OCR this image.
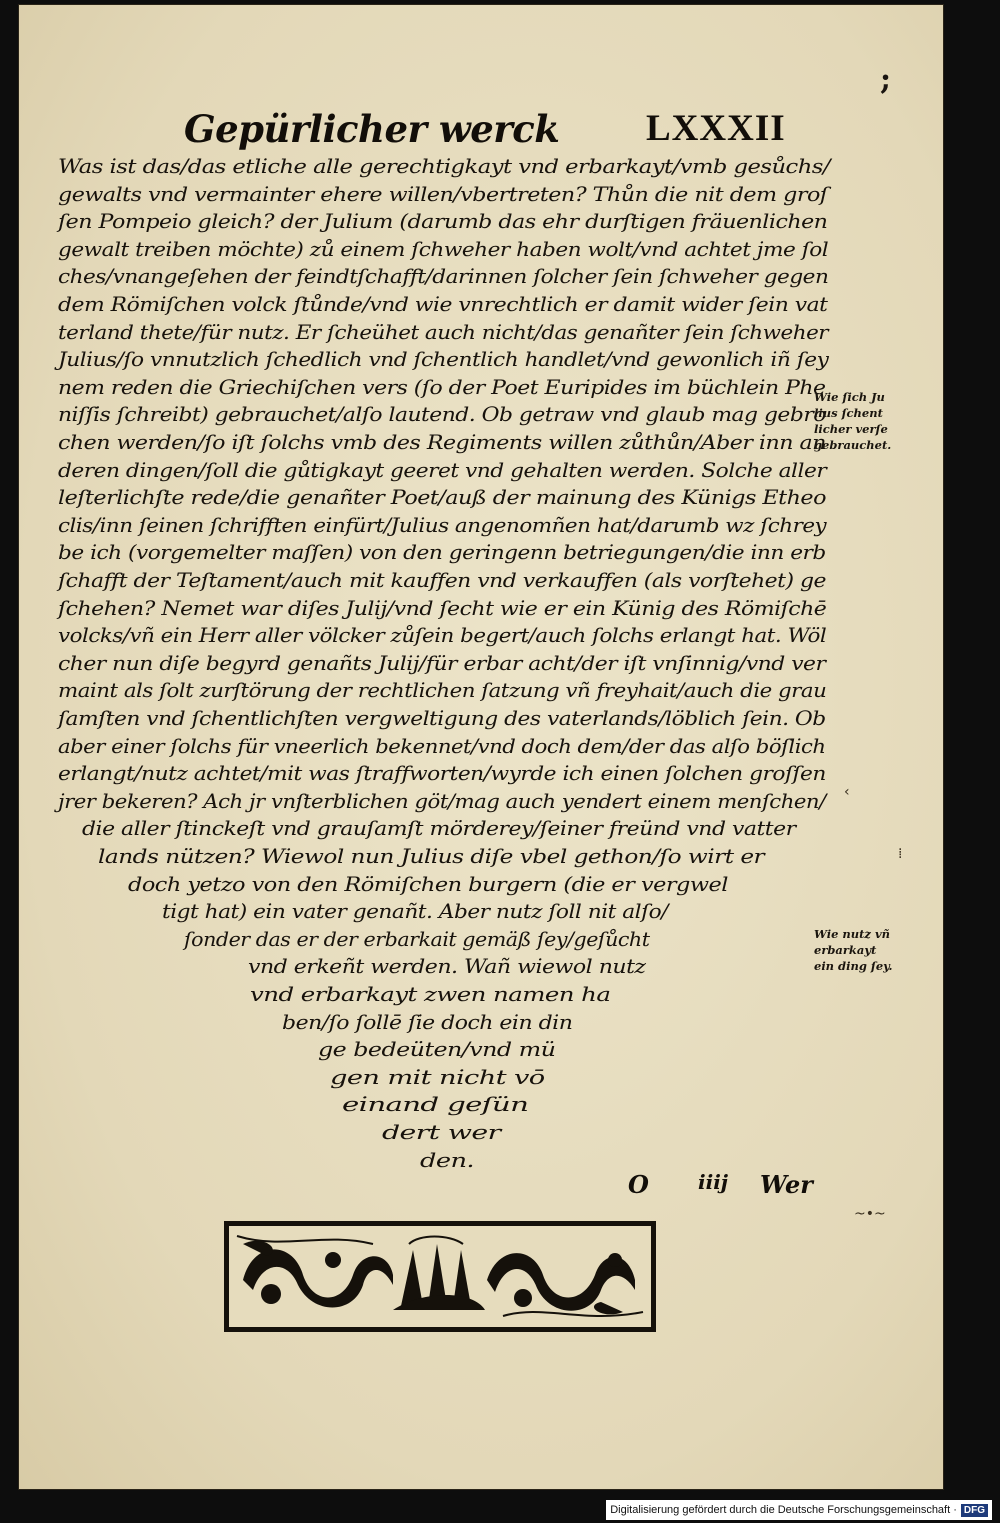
;
Gepürlicher werck LXXXII
Was ist das/das etliche alle gerechtigkayt vnd erbarkayt/vmb gesůchs/
gewalts vnd vermainter ehere willen/vbertreten? Thůn die nit dem groſ
ſen Pompeio gleich? der Julium (darumb das ehr durſtigen fräuenlichen
gewalt treiben möchte) zů einem ſchweher haben wolt/vnd achtet jme ſol
ches/vnangeſehen der feindtſchafft/darinnen ſolcher ſein ſchweher gegen
dem Römiſchen volck ſtůnde/vnd wie vnrechtlich er damit wider ſein vat
terland thete/für nutz. Er ſcheühet auch nicht/das genañter ſein ſchweher
Julius/ſo vnnutzlich ſchedlich vnd ſchentlich handlet/vnd gewonlich iñ ſey
nem reden die Griechiſchen vers (ſo der Poet Euripides im büchlein Phe
niſſis ſchreibt) gebrauchet/alſo lautend. Ob getraw vnd glaub mag gebro
chen werden/ſo iſt ſolchs vmb des Regiments willen zůthůn/Aber inn an
deren dingen/ſoll die gůtigkayt geeret vnd gehalten werden. Solche aller
leſterlichſte rede/die genañter Poet/auß der mainung des Künigs Etheo
clis/inn ſeinen ſchrifften einfürt/Julius angenomñen hat/darumb wz ſchrey
be ich (vorgemelter maſſen) von den geringenn betriegungen/die inn erb
ſchafft der Teſtament/auch mit kauffen vnd verkauffen (als vorſtehet) ge
ſchehen? Nemet war diſes Julij/vnd ſecht wie er ein Künig des Römiſchē
volcks/vñ ein Herr aller völcker zůſein begert/auch ſolchs erlangt hat. Wöl
cher nun diſe begyrd genañts Julij/für erbar acht/der iſt vnſinnig/vnd ver
maint als ſolt zurſtörung der rechtlichen ſatzung vñ freyhait/auch die grau
ſamſten vnd ſchentlichſten vergweltigung des vaterlands/löblich ſein. Ob
aber einer ſolchs für vneerlich bekennet/vnd doch dem/der das alſo böſlich
erlangt/nutz achtet/mit was ſtraffworten/wyrde ich einen ſolchen groſſen
jrer bekeren? Ach jr vnſterblichen göt/mag auch yendert einem menſchen/
die aller ſtinckeſt vnd grauſamſt mörderey/ſeiner freünd vnd vatter
lands nützen? Wiewol nun Julius diſe vbel gethon/ſo wirt er
doch yetzo von den Römiſchen burgern (die er vergwel
tigt hat) ein vater genañt. Aber nutz ſoll nit alſo/
ſonder das er der erbarkait gemäß ſey/geſůcht
vnd erkeñt werden. Wañ wiewol nutz
vnd erbarkayt zwen namen ha
ben/ſo ſollē ſie doch ein din
ge bedeüten/vnd mü
gen mit nicht vō
einand geſün
dert wer
den.
Wie ſich Ju
lius ſchent
licher verſe
gebrauchet.
Wie nutz vñ
erbarkayt
ein ding ſey.
‹
⁞
O iiij Wer
~•~
Digitalisierung gefördert durch die Deutsche Forschungsgemeinschaft · DFG
